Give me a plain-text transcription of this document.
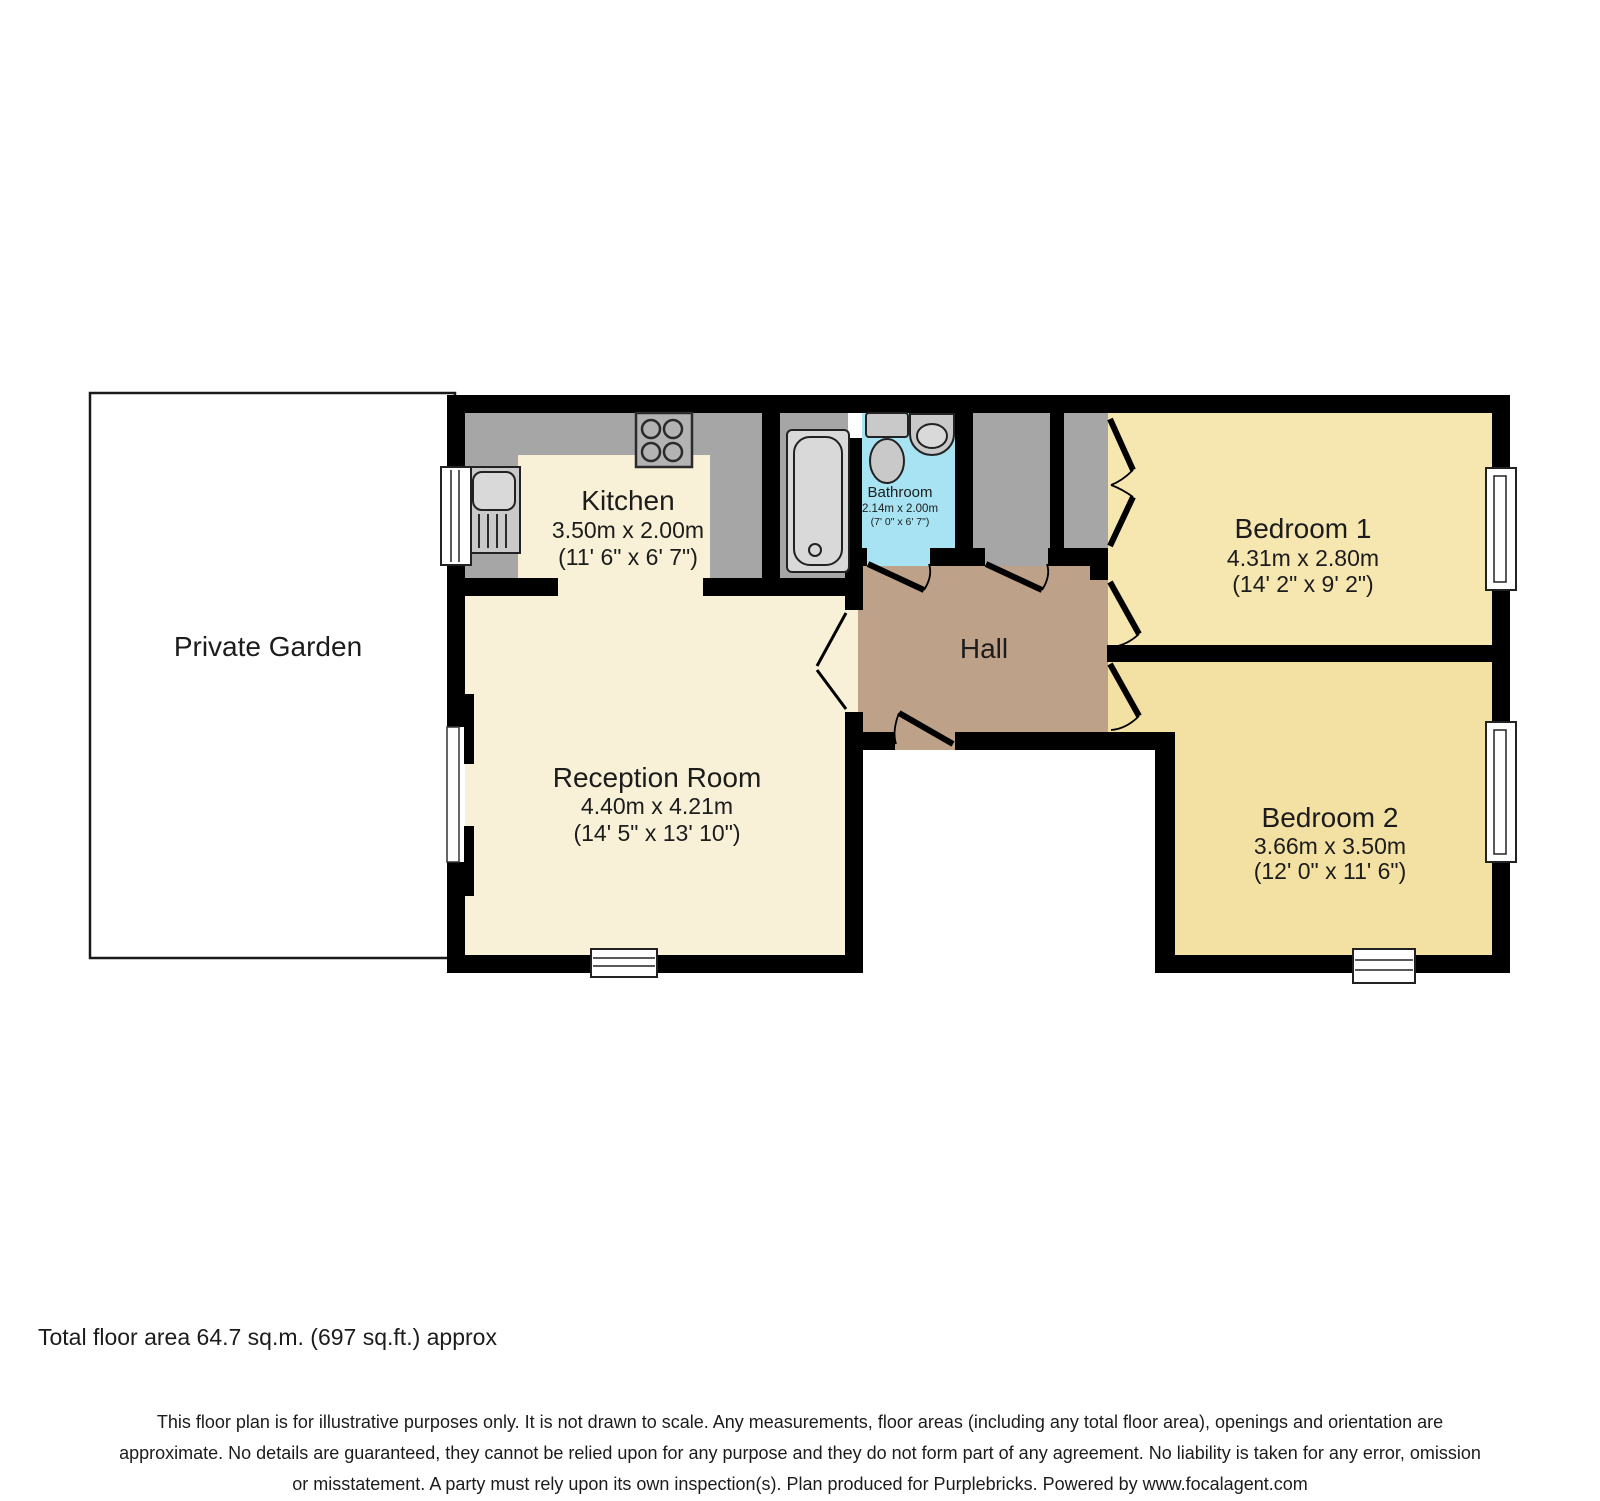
Private Garden
Kitchen
3.50m x 2.00m
(11' 6" x 6' 7")
Bathroom
2.14m x 2.00m
(7' 0" x 6' 7")
Hall
Bedroom 1
4.31m x 2.80m
(14' 2" x 9' 2")
Reception Room
4.40m x 4.21m
(14' 5" x 13' 10")	Bedroom 2
3.66m x 3.50m
(12' 0" x 11' 6")
Total floor area 64.7 sq.m. (697 sq.ft.) approx
This floor plan is for illustrative purposes only. It is not drawn to scale. Any measurements, floor areas (including any total floor area), openings and orientation are
approximate. No details are guaranteed, they cannot be relied upon for any purpose and they do not form part of any agreement. No liability is taken for any error, omission
or misstatement. A party must rely upon its own inspection(s). Plan produced for Purplebricks. Powered by www.focalagent.com
